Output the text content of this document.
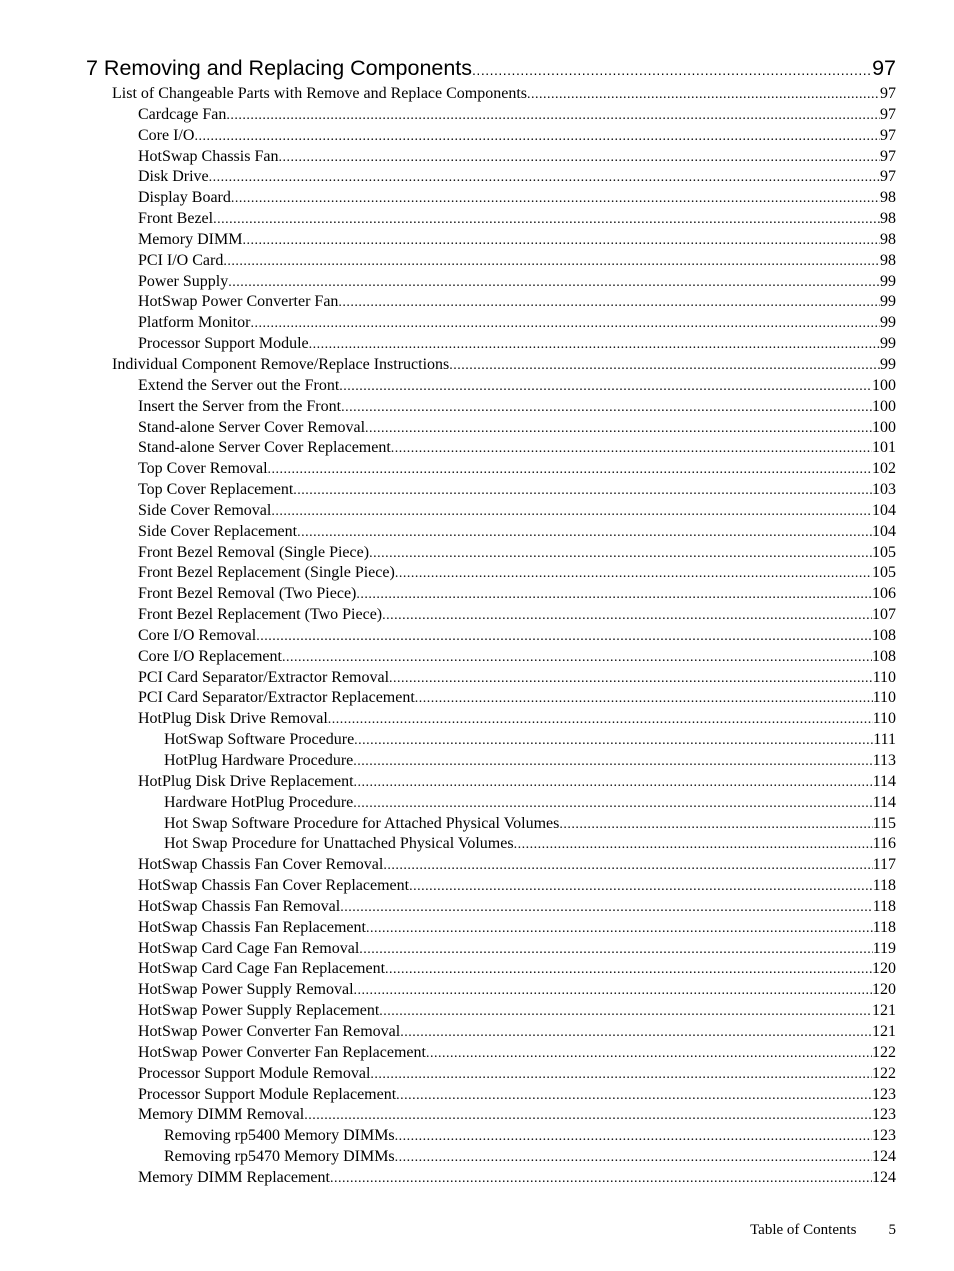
7 Removing and Replacing Components .....	97
List of Changeable Parts with Remove and Replace Components .....	97
Cardcage Fan .....	97
Core I/O .....	97
HotSwap Chassis Fan .....	97
Disk Drive .....	97
Display Board .....	98
Front Bezel .....	98
Memory DIMM .....	98
PCI I/O Card .....	98
Power Supply .....	99
HotSwap Power Converter Fan .....	99
Platform Monitor .....	99
Processor Support Module .....	99
Individual Component Remove/Replace Instructions .....	99
Extend the Server out the Front .....	100
Insert the Server from the Front .....	100
Stand-alone Server Cover Removal .....	100
Stand-alone Server Cover Replacement .....	101
Top Cover Removal .....	102
Top Cover Replacement .....	103
Side Cover Removal .....	104
Side Cover Replacement .....	104
Front Bezel Removal (Single Piece) .....	105
Front Bezel Replacement (Single Piece) .....	105
Front Bezel Removal (Two Piece) .....	106
Front Bezel Replacement (Two Piece) .....	107
Core I/O Removal .....	108
Core I/O Replacement .....	108
PCI Card Separator/Extractor Removal .....	110
PCI Card Separator/Extractor Replacement .....	110
HotPlug Disk Drive Removal .....	110
HotSwap Software Procedure .....	111
HotPlug Hardware Procedure .....	113
HotPlug Disk Drive Replacement .....	114
Hardware HotPlug Procedure .....	114
Hot Swap Software Procedure for Attached Physical Volumes .....	115
Hot Swap Procedure for Unattached Physical Volumes .....	116
HotSwap Chassis Fan Cover Removal .....	117
HotSwap Chassis Fan Cover Replacement .....	118
HotSwap Chassis Fan Removal .....	118
HotSwap Chassis Fan Replacement .....	118
HotSwap Card Cage Fan Removal .....	119
HotSwap Card Cage Fan Replacement .....	120
HotSwap Power Supply Removal .....	120
HotSwap Power Supply Replacement .....	121
HotSwap Power Converter Fan Removal .....	121
HotSwap Power Converter Fan Replacement .....	122
Processor Support Module Removal .....	122
Processor Support Module Replacement .....	123
Memory DIMM Removal .....	123
Removing rp5400 Memory DIMMs .....	123
Removing rp5470 Memory DIMMs .....	124
Memory DIMM Replacement .....	124
Table of Contents 5
